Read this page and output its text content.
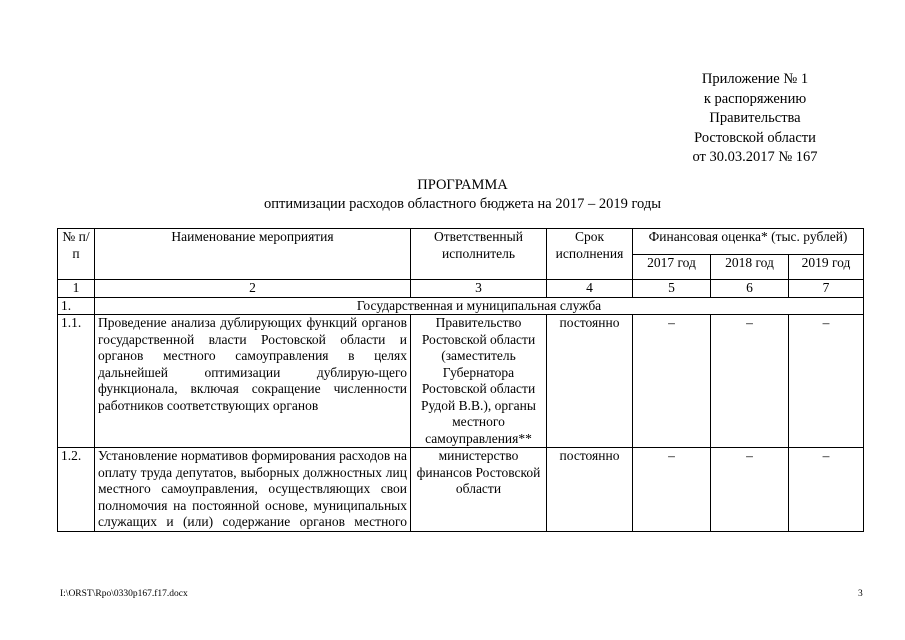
Приложение № 1
к распоряжению
Правительства
Ростовской области
от 30.03.2017 № 167
ПРОГРАММА
оптимизации расходов областного бюджета на 2017 – 2019 годы
№ п/п	Наименование мероприятия	Ответственный исполнитель	Срок исполнения	Финансовая оценка* (тыс. рублей)		
				2017 год	2018 год	2019 год
1	2	3	4	5	6	7
1.	Государственная и муниципальная служба					
1.1.	Проведение анализа дублирующих функций органов государственной власти Ростовской области и органов местного самоуправления в целях дальнейшей оптимизации дублирую-щего функционала, включая сокращение численности работников соответствующих органов	Правительство Ростовской области (заместитель Губернатора Ростовской области Рудой В.В.), органы местного самоуправления**	постоянно	–	–	–
1.2.	Установление нормативов формирования расходов на оплату труда депутатов, выборных должностных лиц местного самоуправления, осуществляющих свои полномочия на постоянной основе, муниципальных служащих и (или) содержание органов местного	министерство финансов Ростовской области	постоянно	–	–	–
I:\ORST\Rpo\0330p167.f17.docx	3
